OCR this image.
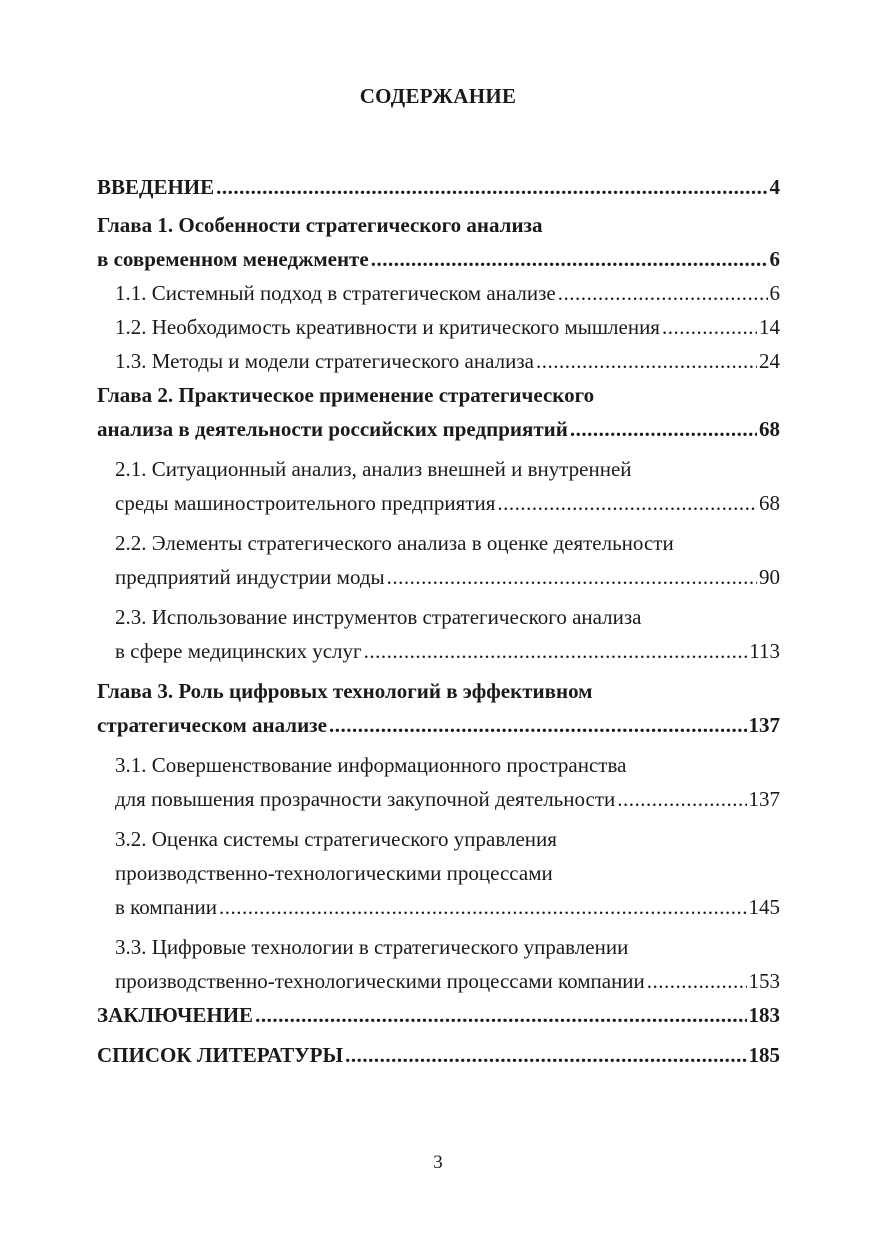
СОДЕРЖАНИЕ
ВВЕДЕНИЕ .....	4
Глава 1. Особенности стратегического анализа
в современном менеджменте .....	6
1.1. Системный подход в стратегическом анализе .....	6
1.2. Необходимость креативности и критического мышления .....	14
1.3. Методы и модели стратегического анализа .....	24
Глава 2. Практическое применение стратегического
анализа в деятельности российских предприятий .....	68
2.1. Ситуационный анализ, анализ внешней и внутренней
среды машиностроительного предприятия .....	68
2.2. Элементы стратегического анализа в оценке деятельности
предприятий индустрии моды .....	90
2.3. Использование инструментов стратегического анализа
в сфере медицинских услуг .....	113
Глава 3. Роль цифровых технологий в эффективном
стратегическом анализе .....	137
3.1. Совершенствование информационного пространства
для повышения прозрачности закупочной деятельности .....	137
3.2. Оценка системы стратегического управления
производственно-технологическими процессами
в компании .....	145
3.3. Цифровые технологии в стратегического управлении
производственно-технологическими процессами компании .....	153
ЗАКЛЮЧЕНИЕ .....	183
СПИСОК ЛИТЕРАТУРЫ .....	185
3
